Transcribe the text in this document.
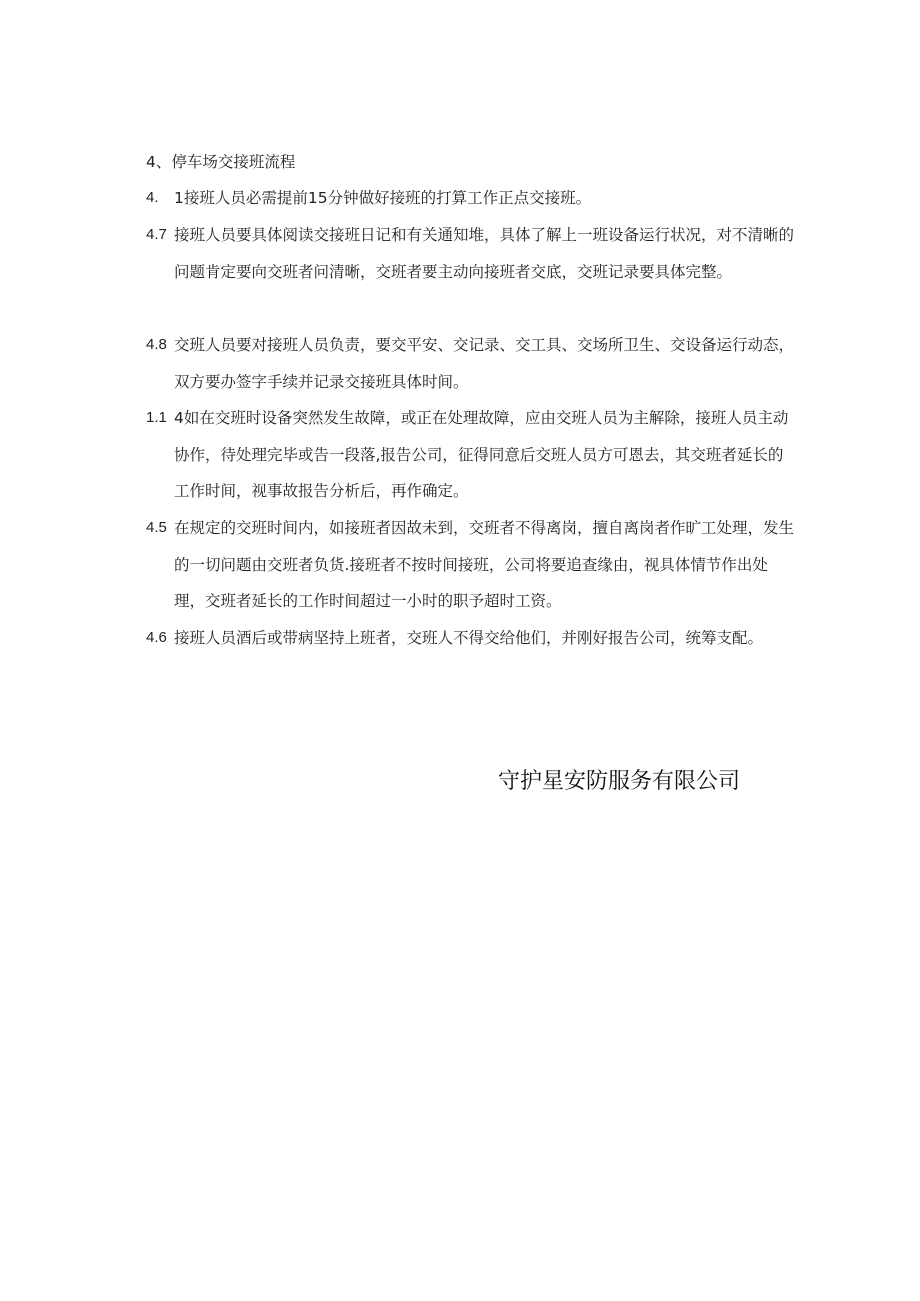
4、停车场交接班流程
4. 1接班人员必需提前15分钟做好接班的打算工作正点交接班。
4.7 接班人员要具体阅读交接班日记和有关通知堆，具体了解上一班设备运行状况，对不清晰的问题肯定要向交班者问清晰，交班者要主动向接班者交底，交班记录要具体完整。
4.8 交班人员要对接班人员负责，要交平安、交记录、交工具、交场所卫生、交设备运行动态，双方要办签字手续并记录交接班具体时间。
1.1 4如在交班时设备突然发生故障，或正在处理故障，应由交班人员为主解除，接班人员主动协作，待处理完毕或告一段落,报告公司，征得同意后交班人员方可恩去，其交班者延长的工作时间，视事故报告分析后，再作确定。
4.5 在规定的交班时间内，如接班者因故未到，交班者不得离岗，擅自离岗者作旷工处理，发生的一切问题由交班者负货.接班者不按时间接班，公司将要追查缘由，视具体情节作出处理，交班者延长的工作时间超过一小时的职予超时工资。
4.6 接班人员酒后或带病坚持上班者，交班人不得交给他们，并刚好报告公司，统筹支配。
守护星安防服务有限公司
